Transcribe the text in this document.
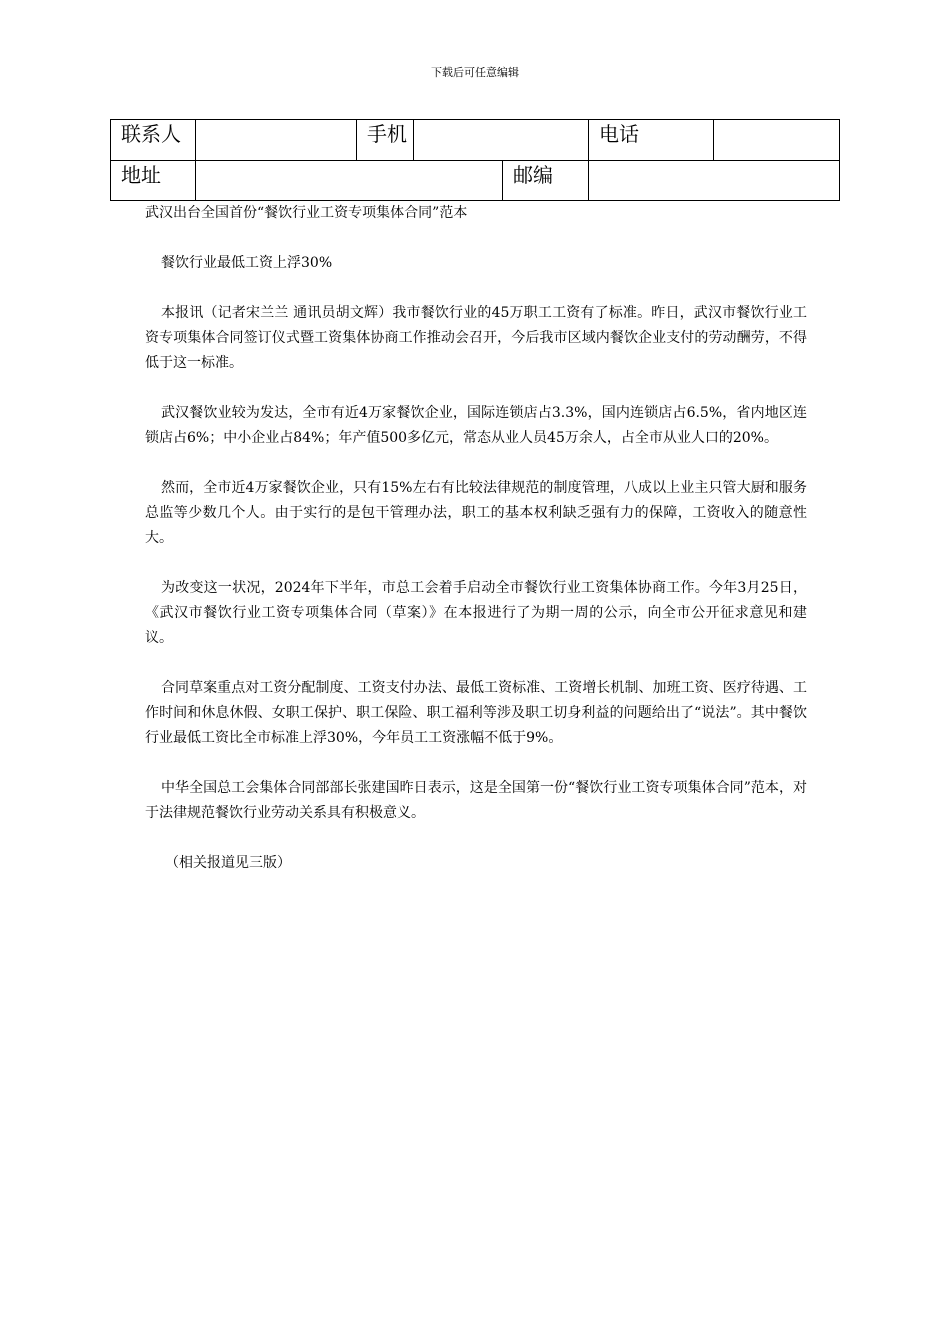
下载后可任意编辑
联系人		手机			电话	
地址				邮编		

武汉出台全国首份“餐饮行业工资专项集体合同”范本

餐饮行业最低工资上浮30%

本报讯（记者宋兰兰 通讯员胡文辉）我市餐饮行业的45万职工工资有了标准。昨日，武汉市餐饮行业工资专项集体合同签订仪式暨工资集体协商工作推动会召开，今后我市区域内餐饮企业支付的劳动酬劳，不得低于这一标准。

武汉餐饮业较为发达，全市有近4万家餐饮企业，国际连锁店占3.3%，国内连锁店占6.5%，省内地区连锁店占6%；中小企业占84%；年产值500多亿元，常态从业人员45万余人，占全市从业人口的20%。

然而，全市近4万家餐饮企业，只有15%左右有比较法律规范的制度管理，八成以上业主只管大厨和服务总监等少数几个人。由于实行的是包干管理办法，职工的基本权利缺乏强有力的保障，工资收入的随意性大。

为改变这一状况，2024年下半年，市总工会着手启动全市餐饮行业工资集体协商工作。今年3月25日，《武汉市餐饮行业工资专项集体合同（草案）》在本报进行了为期一周的公示，向全市公开征求意见和建议。

合同草案重点对工资分配制度、工资支付办法、最低工资标准、工资增长机制、加班工资、医疗待遇、工作时间和休息休假、女职工保护、职工保险、职工福利等涉及职工切身利益的问题给出了“说法”。其中餐饮行业最低工资比全市标准上浮30%，今年员工工资涨幅不低于9%。

中华全国总工会集体合同部部长张建国昨日表示，这是全国第一份“餐饮行业工资专项集体合同”范本，对于法律规范餐饮行业劳动关系具有积极意义。

（相关报道见三版）
